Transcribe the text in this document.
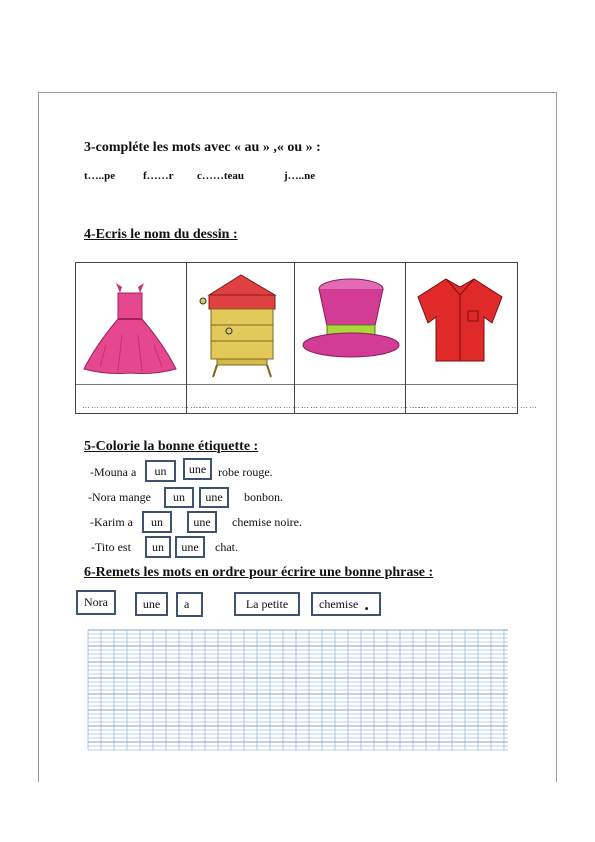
3-compléte les mots avec « au » ,« ou » :
t…..pe	f……r c……teau	j…..ne
4-Ecris le nom du dessin :
……………………………………
……………………………………
……………………………………
……………………………………
5-Colorie la bonne étiquette :
-Mouna a	un	une robe rouge.
-Nora mange	un	une	bonbon.
-Karim a	un	une	chemise noire.
-Tito est	un	une	chat.
6-Remets les mots en ordre pour écrire une bonne phrase :
Nora	une	a	La petite	chemise .
